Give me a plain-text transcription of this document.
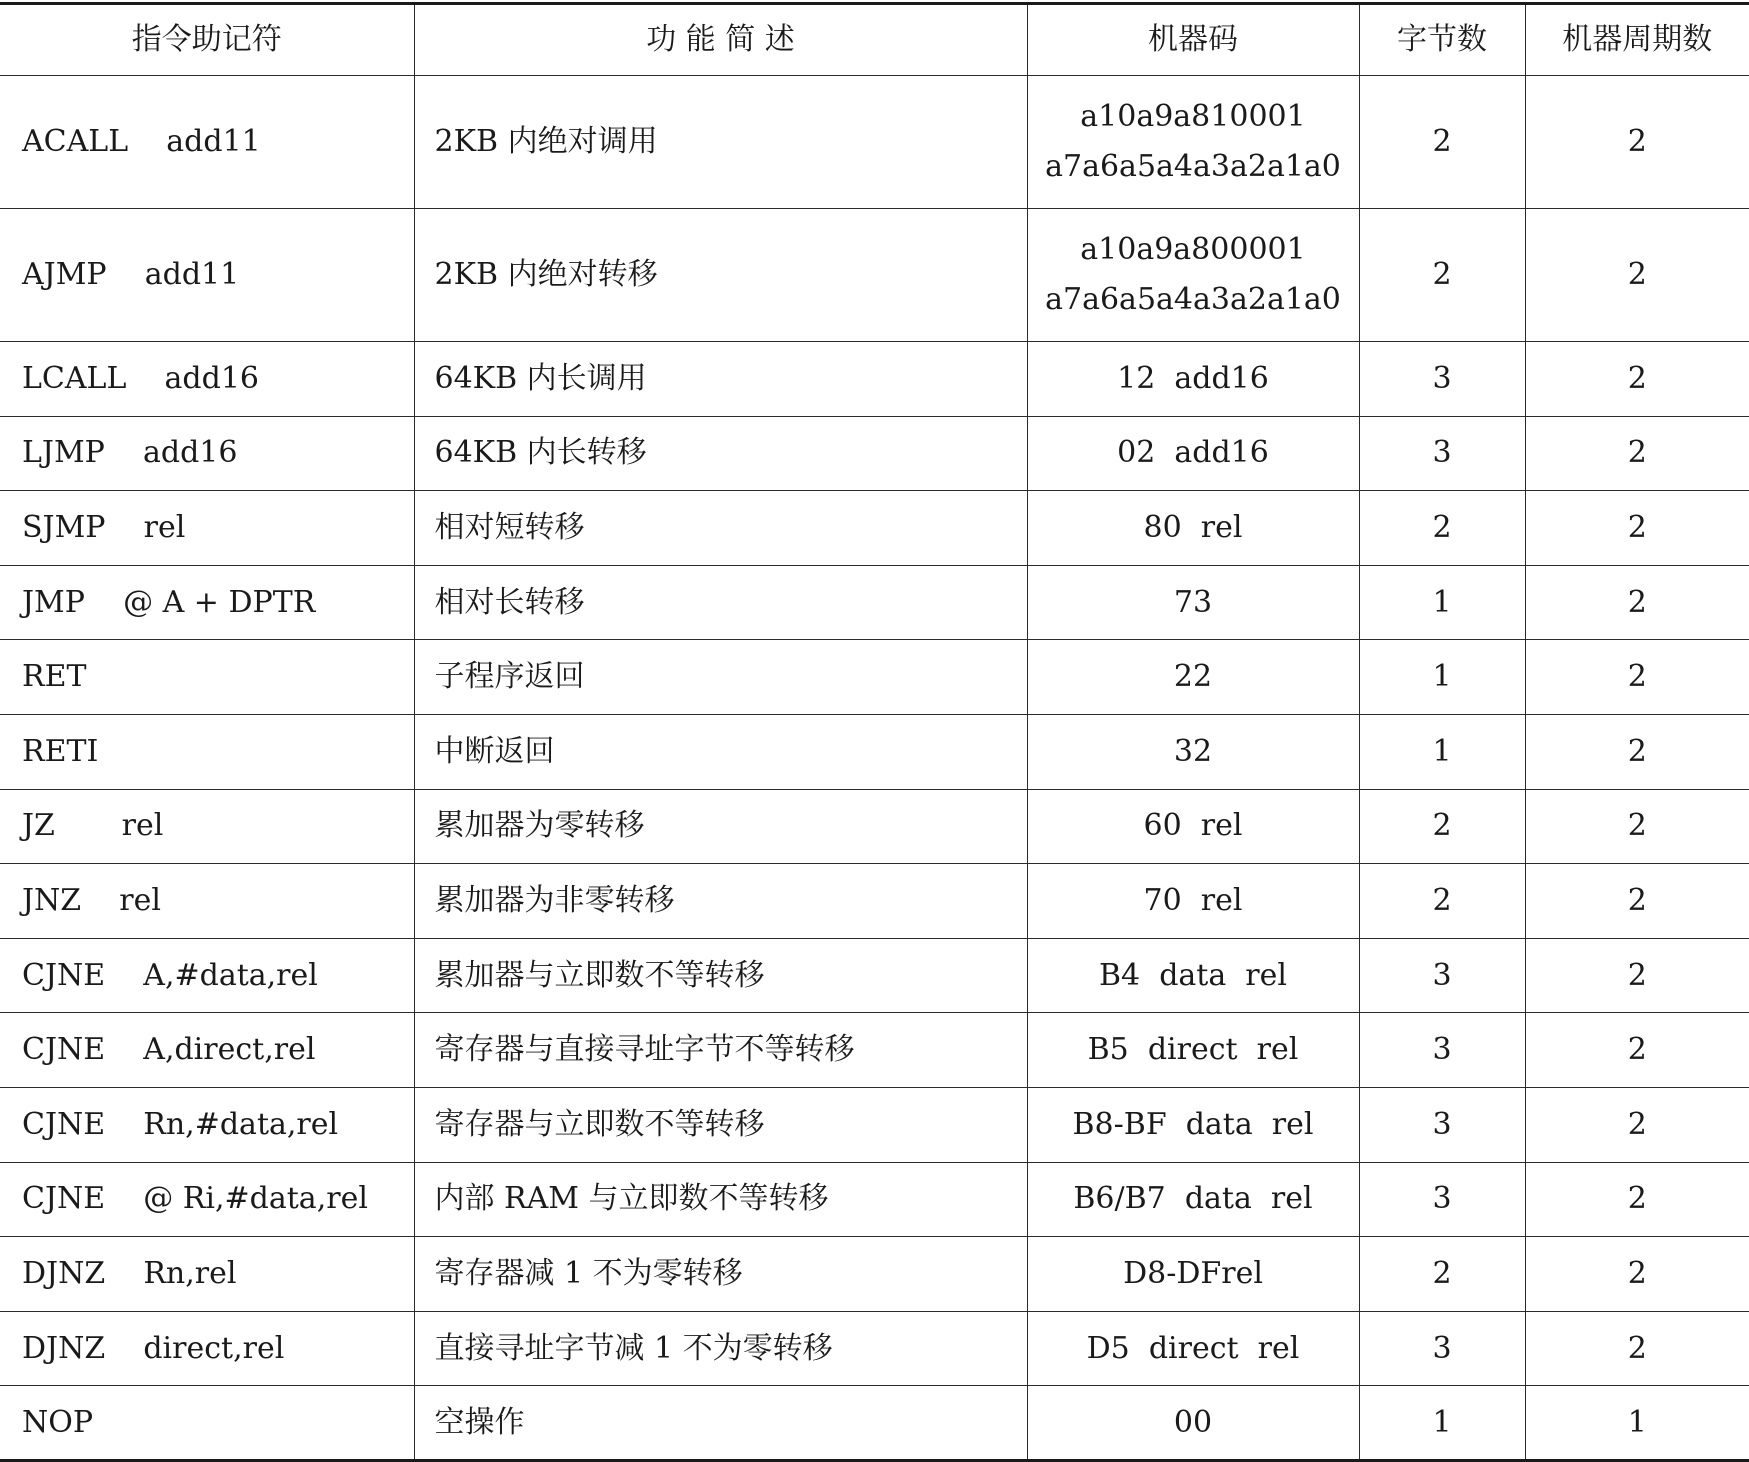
指令助记符	功 能 简 述	机器码	字节数	机器周期数
ACALL    add11	2KB 内绝对调用	a10a9a810001
a7a6a5a4a3a2a1a0	2	2
AJMP    add11	2KB 内绝对转移	a10a9a800001
a7a6a5a4a3a2a1a0	2	2
LCALL    add16	64KB 内长调用	12  add16	3	2
LJMP    add16	64KB 内长转移	02  add16	3	2
SJMP    rel	相对短转移	80  rel	2	2
JMP    @ A + DPTR	相对长转移	73	1	2
RET	子程序返回	22	1	2
RETI	中断返回	32	1	2
JZ       rel	累加器为零转移	60  rel	2	2
JNZ    rel	累加器为非零转移	70  rel	2	2
CJNE    A,#data,rel	累加器与立即数不等转移	B4  data  rel	3	2
CJNE    A,direct,rel	寄存器与直接寻址字节不等转移	B5  direct  rel	3	2
CJNE    Rn,#data,rel	寄存器与立即数不等转移	B8-BF  data  rel	3	2
CJNE    @ Ri,#data,rel	内部 RAM 与立即数不等转移	B6/B7  data  rel	3	2
DJNZ    Rn,rel	寄存器减 1 不为零转移	D8-DFrel	2	2
DJNZ    direct,rel	直接寻址字节减 1 不为零转移	D5  direct  rel	3	2
NOP	空操作	00	1	1
